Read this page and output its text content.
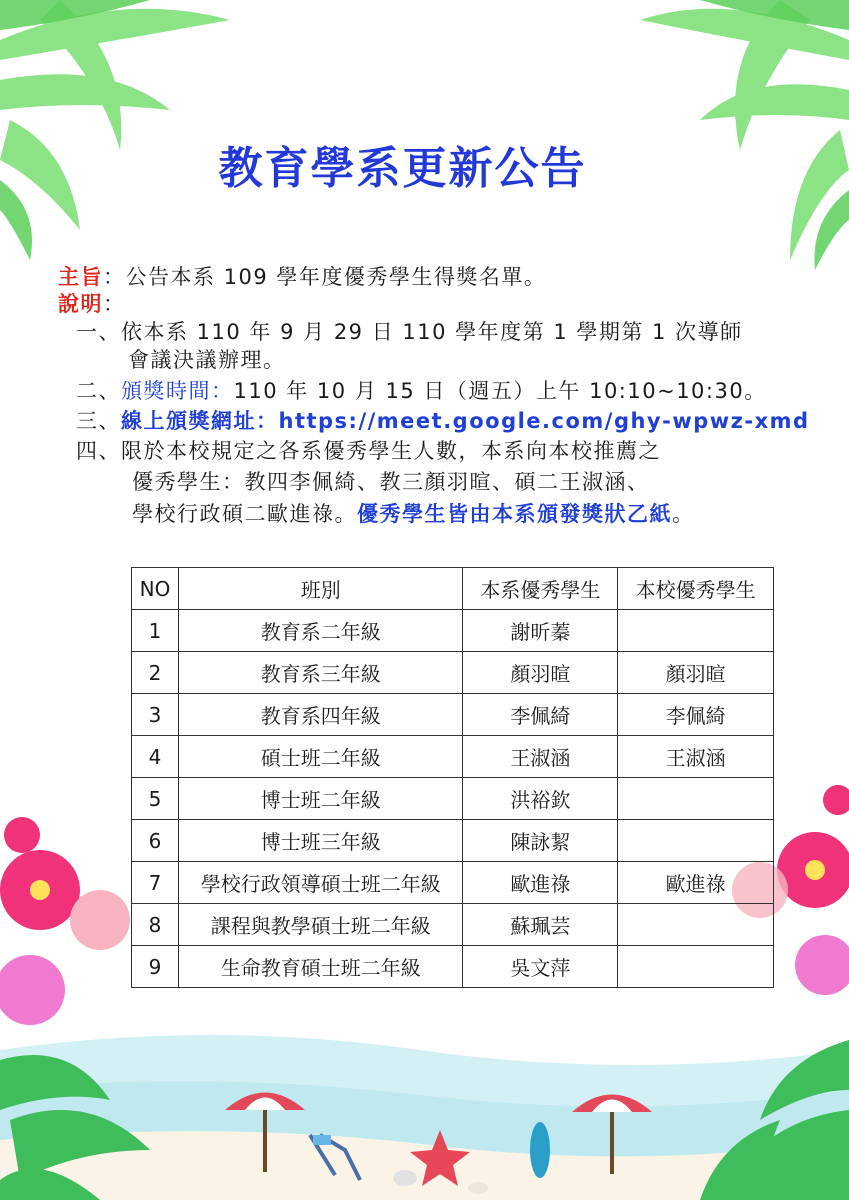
教育學系更新公告
主旨：公告本系 109 學年度優秀學生得獎名單。
說明：
一、依本系 110 年 9 月 29 日 110 學年度第 1 學期第 1 次導師
會議決議辦理。
二、頒獎時間：110 年 10 月 15 日（週五）上午 10:10~10:30。
三、線上頒獎網址：https://meet.google.com/ghy-wpwz-xmd
四、限於本校規定之各系優秀學生人數，本系向本校推薦之
優秀學生：教四李佩綺、教三顏羽暄、碩二王淑涵、
學校行政碩二歐進祿。優秀學生皆由本系頒發獎狀乙紙。
NO	班別	本系優秀學生	本校優秀學生
1	教育系二年級	謝昕蓁	
2	教育系三年級	顏羽暄	顏羽暄
3	教育系四年級	李佩綺	李佩綺
4	碩士班二年級	王淑涵	王淑涵
5	博士班二年級	洪裕欽	
6	博士班三年級	陳詠絜	
7	學校行政領導碩士班二年級	歐進祿	歐進祿
8	課程與教學碩士班二年級	蘇珮芸	
9	生命教育碩士班二年級	吳文萍	
